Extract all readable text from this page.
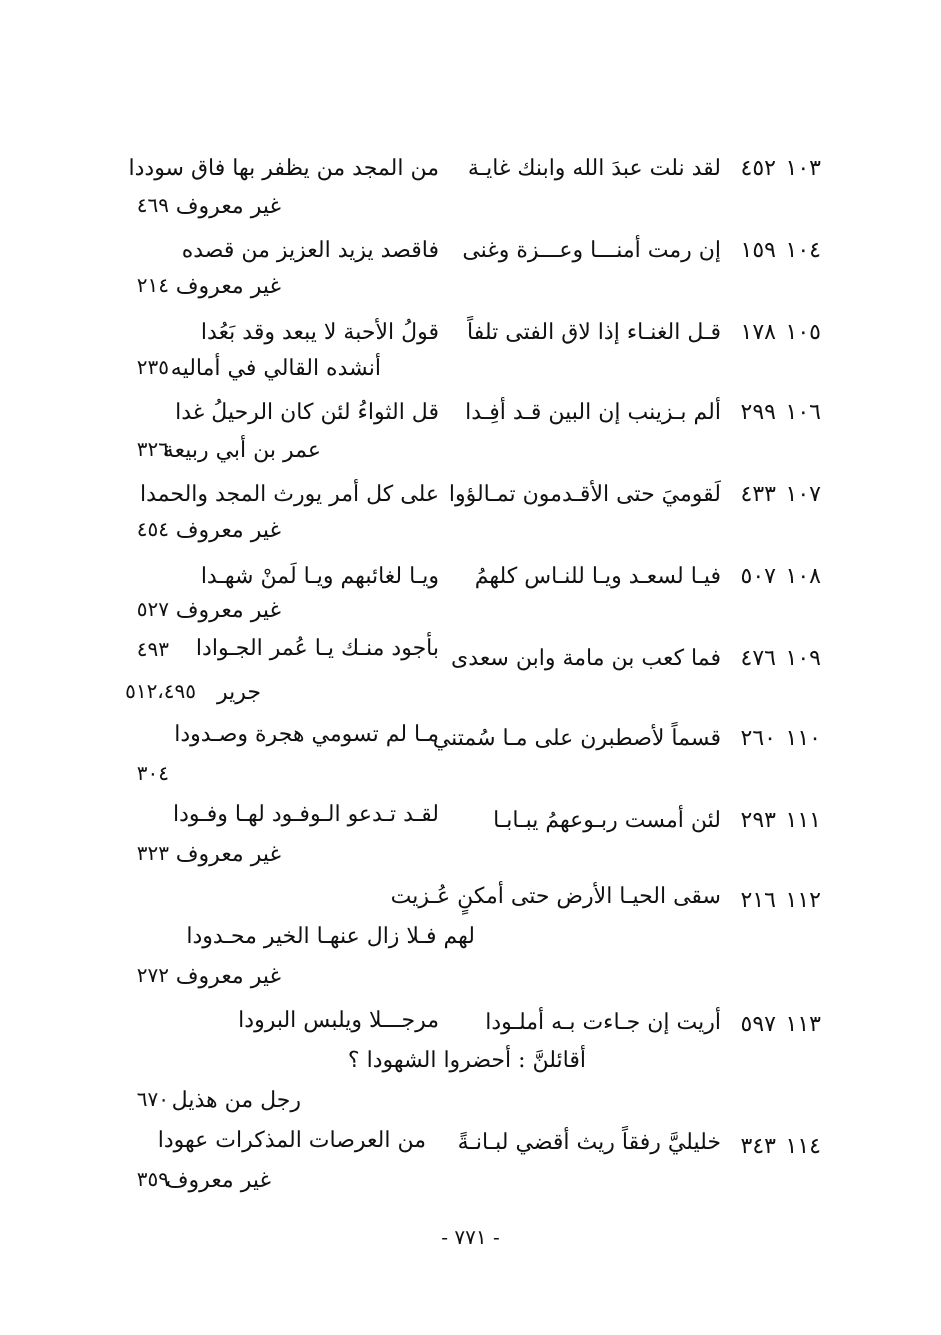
١٠٣
٤٥٢
لقد نلت عبدَ الله وابنك غايـة
من المجد من يظفر بها فاق سوددا
غير معروف
٤٦٩
١٠٤
١٥٩
إن رمت أمنـــا وعـــزة وغنى
فاقصد يزيد العزيز من قصده
غير معروف
٢١٤
١٠٥
١٧٨
قـل الغنـاء إذا لاق الفتى تلفاً
قولُ الأحبة لا يبعد وقد بَعُدا
أنشده القالي في أماليه
٢٣٥
١٠٦
٢٩٩
ألم بـزينب إن البين قـد أفِـدا
قل الثواءُ لئن كان الرحيلُ غدا
عمر بن أبي ربيعة
٣٢٦
١٠٧
٤٣٣
لَقوميَ حتى الأقـدمون تمـالؤوا
على كل أمر يورث المجد والحمدا
غير معروف
٤٥٤
١٠٨
٥٠٧
فيـا لسعـد ويـا للنـاس كلهمُ
ويـا لغائبهم ويـا لَمنْ شهـدا
غير معروف
٥٢٧
١٠٩
٤٧٦
فما كعب بن مامة وابن سعدى
بأجود منـك يـا عُمر الجـوادا
٤٩٣
جرير
٥١٢،٤٩٥
١١٠
٢٦٠
قسماً لأصطبرن على مـا سُمتني
مـا لم تسومي هجرة وصـدودا
٣٠٤
١١١
٢٩٣
لئن أمست ربـوعهمُ يبـابـا
لقـد تـدعو الـوفـود لهـا وفـودا
غير معروف
٣٢٣
١١٢
٢١٦
سقى الحيـا الأرض حتى أمكنٍ عُـزيت
لهم فـلا زال عنهـا الخير محـدودا
غير معروف
٢٧٢
١١٣
٥٩٧
أريت إن جـاءت بـه أملـودا
مرجـــلا ويلبس البرودا
أقائلنَّ : أحضروا الشهودا ؟
رجل من هذيل
٦٧٠
١١٤
٣٤٣
خليليَّ رفقاً ريث أقضي لبـانـةً
من العرصات المذكرات عهودا
غير معروف
٣٥٩
- ٧٧١ -
